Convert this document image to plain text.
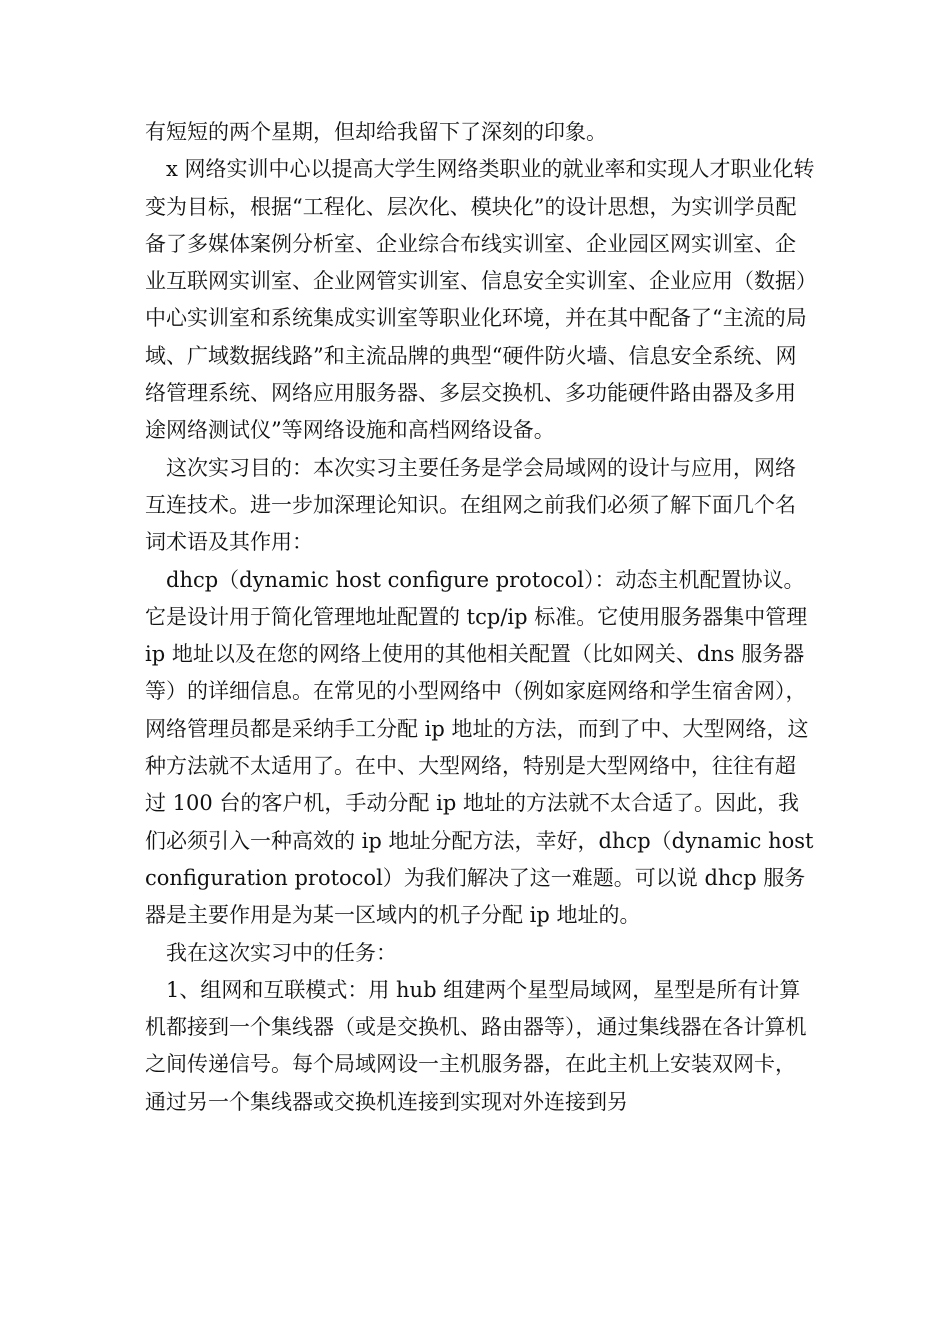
有短短的两个星期，但却给我留下了深刻的印象。

x 网络实训中心以提高大学生网络类职业的就业率和实现人才职业化转变为目标，根据“工程化、层次化、模块化”的设计思想，为实训学员配备了多媒体案例分析室、企业综合布线实训室、企业园区网实训室、企业互联网实训室、企业网管实训室、信息安全实训室、企业应用（数据）中心实训室和系统集成实训室等职业化环境，并在其中配备了“主流的局域、广域数据线路”和主流品牌的典型“硬件防火墙、信息安全系统、网络管理系统、网络应用服务器、多层交换机、多功能硬件路由器及多用途网络测试仪”等网络设施和高档网络设备。

这次实习目的：本次实习主要任务是学会局域网的设计与应用，网络互连技术。进一步加深理论知识。在组网之前我们必须了解下面几个名词术语及其作用：

dhcp（dynamic host configure protocol）：动态主机配置协议。它是设计用于简化管理地址配置的 tcp/ip 标准。它使用服务器集中管理 ip 地址以及在您的网络上使用的其他相关配置（比如网关、dns 服务器等）的详细信息。在常见的小型网络中（例如家庭网络和学生宿舍网），网络管理员都是采纳手工分配 ip 地址的方法，而到了中、大型网络，这种方法就不太适用了。在中、大型网络，特别是大型网络中，往往有超过 100 台的客户机，手动分配 ip 地址的方法就不太合适了。因此，我们必须引入一种高效的 ip 地址分配方法，幸好，dhcp（dynamic host configuration protocol）为我们解决了这一难题。可以说 dhcp 服务器是主要作用是为某一区域内的机子分配 ip 地址的。

我在这次实习中的任务：

1、组网和互联模式：用 hub 组建两个星型局域网，星型是所有计算机都接到一个集线器（或是交换机、路由器等），通过集线器在各计算机之间传递信号。每个局域网设一主机服务器，在此主机上安装双网卡，通过另一个集线器或交换机连接到实现对外连接到另
